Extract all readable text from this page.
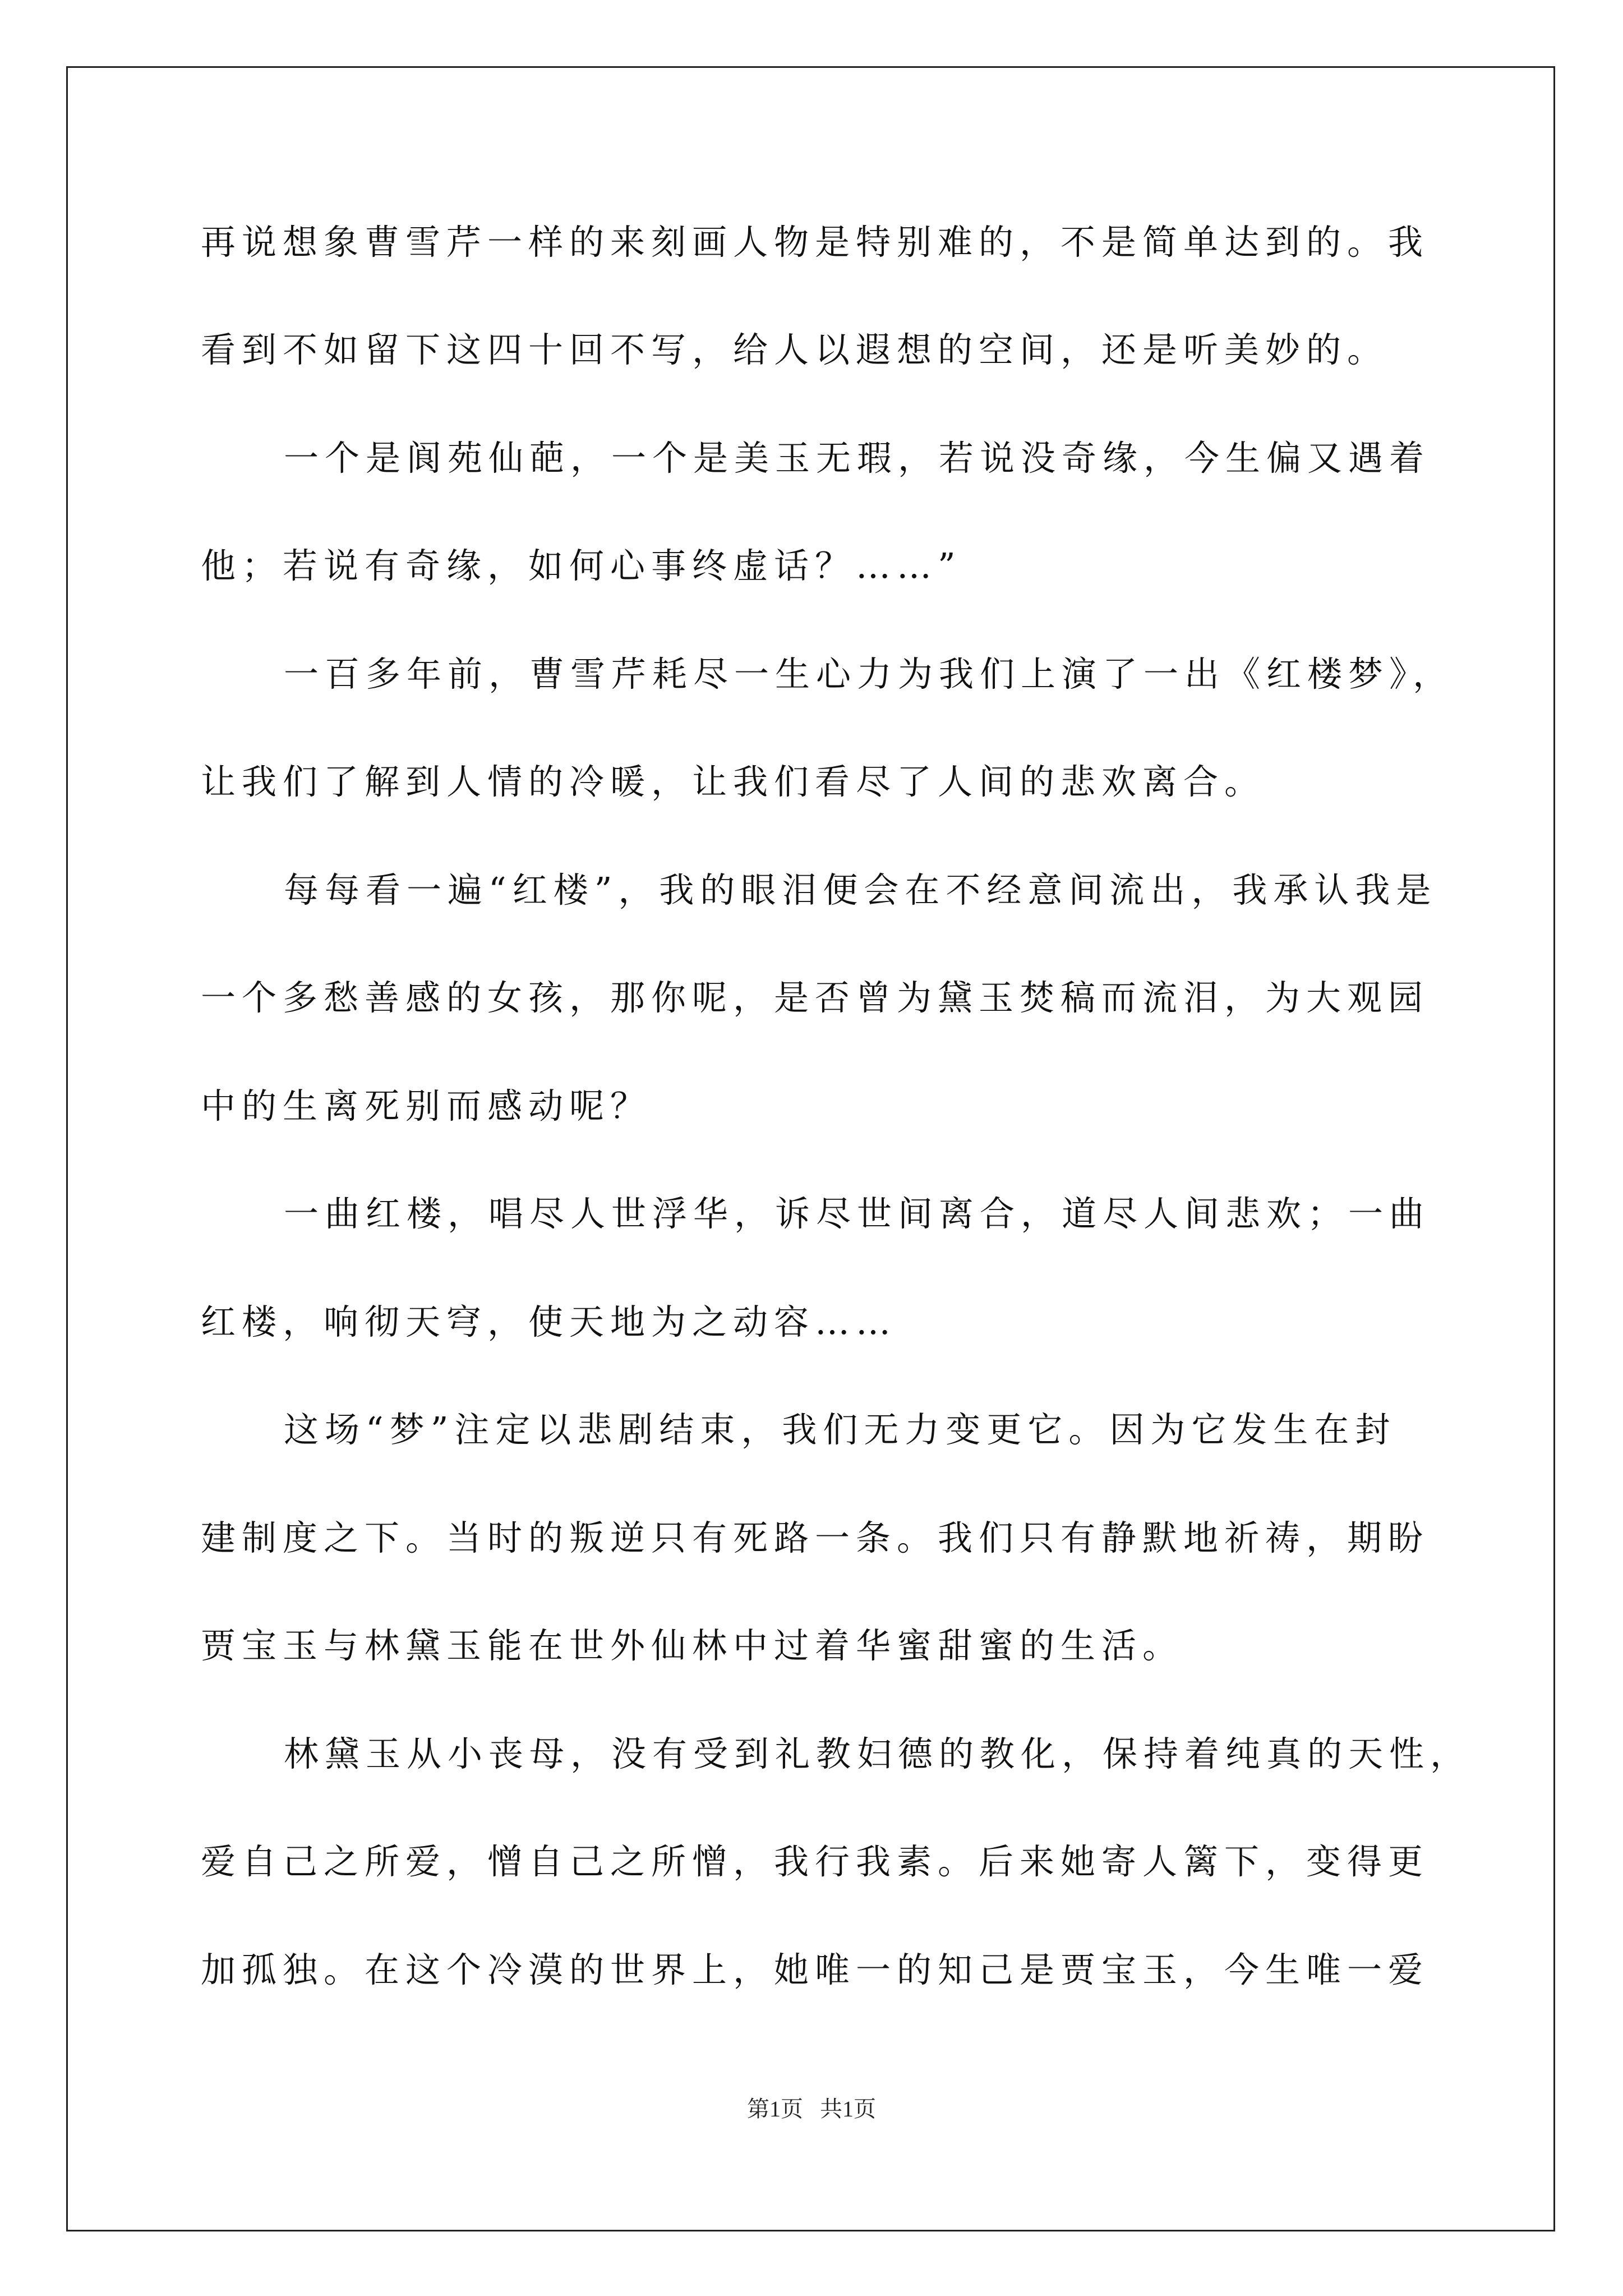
再说想象曹雪芹一样的来刻画人物是特别难的，不是简单达到的。我
看到不如留下这四十回不写，给人以遐想的空间，还是听美妙的。
一个是阆苑仙葩，一个是美玉无瑕，若说没奇缘，今生偏又遇着
他；若说有奇缘，如何心事终虚话？……”
一百多年前，曹雪芹耗尽一生心力为我们上演了一出《红楼梦》，
让我们了解到人情的冷暖，让我们看尽了人间的悲欢离合。
每每看一遍“红楼”，我的眼泪便会在不经意间流出，我承认我是
一个多愁善感的女孩，那你呢，是否曾为黛玉焚稿而流泪，为大观园
中的生离死别而感动呢？
一曲红楼，唱尽人世浮华，诉尽世间离合，道尽人间悲欢；一曲
红楼，响彻天穹，使天地为之动容……
这场“梦”注定以悲剧结束，我们无力变更它。因为它发生在封
建制度之下。当时的叛逆只有死路一条。我们只有静默地祈祷，期盼
贾宝玉与林黛玉能在世外仙林中过着华蜜甜蜜的生活。
林黛玉从小丧母，没有受到礼教妇德的教化，保持着纯真的天性，
爱自己之所爱，憎自己之所憎，我行我素。后来她寄人篱下，变得更
加孤独。在这个冷漠的世界上，她唯一的知己是贾宝玉，今生唯一爱
第1页   共1页
